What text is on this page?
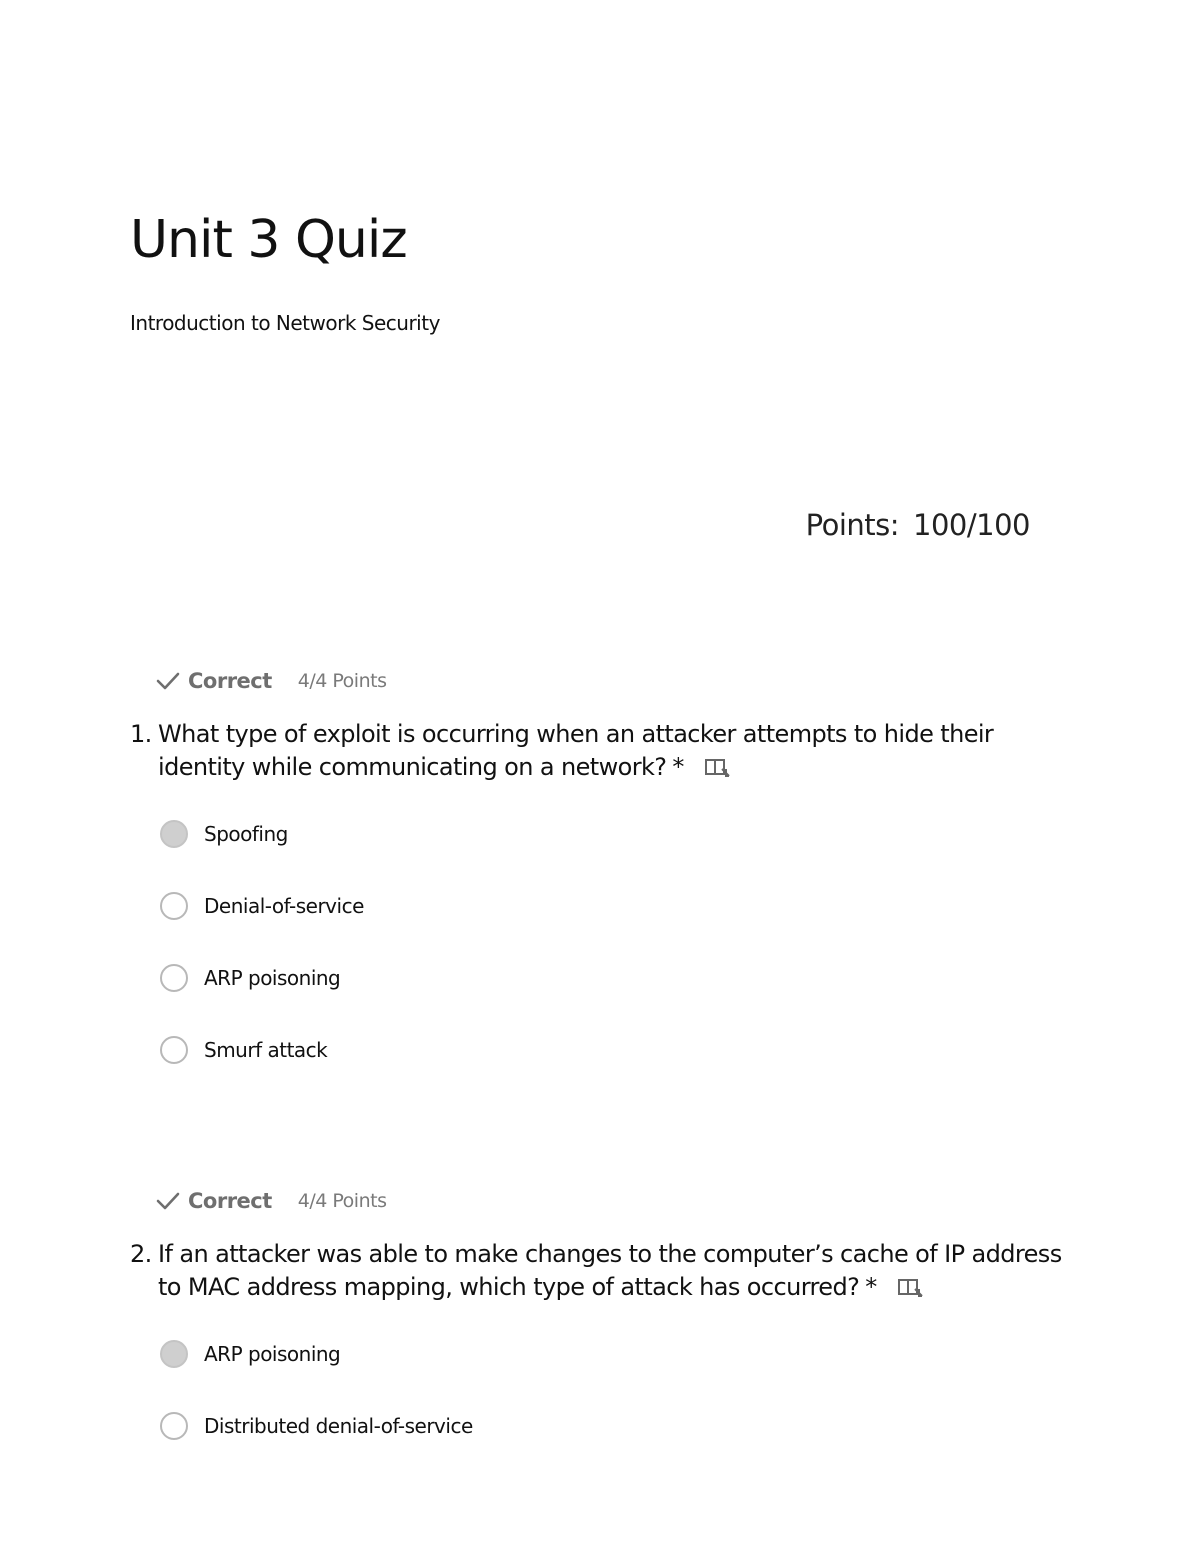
Unit 3 Quiz

Introduction to Network Security

Points: 100/100
Correct 4/4 Points
1. What type of exploit is occurring when an attacker attempts to hide their identity while communicating on a network? *
Spoofing
Denial-of-service
ARP poisoning
Smurf attack
Correct 4/4 Points
2. If an attacker was able to make changes to the computer’s cache of IP address to MAC address mapping, which type of attack has occurred? *
ARP poisoning
Distributed denial-of-service
